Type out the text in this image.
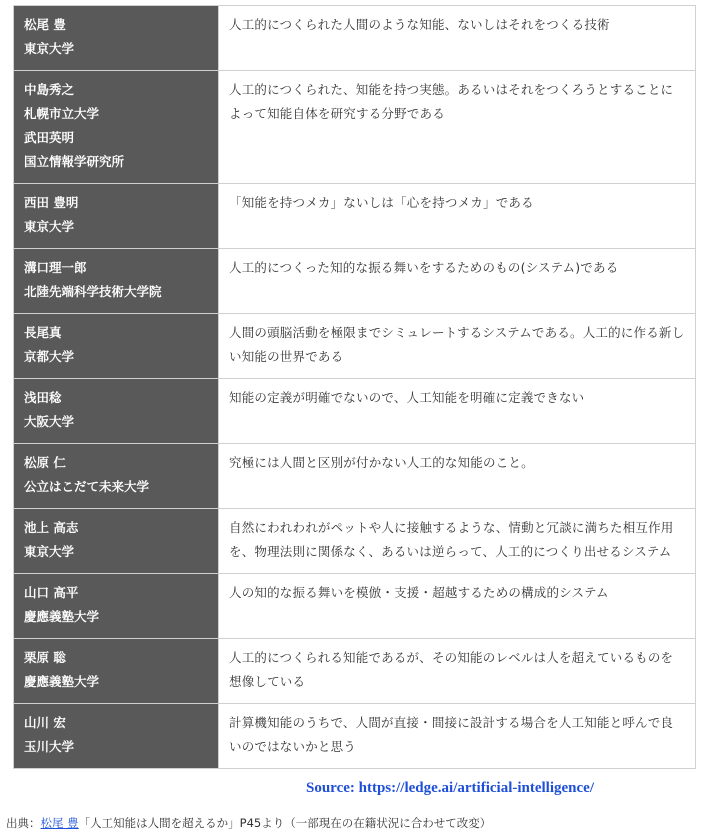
松尾 豊
東京大学	人工的につくられた人間のような知能、ないしはそれをつくる技術

中島秀之
札幌市立大学
武田英明
国立情報学研究所	人工的につくられた、知能を持つ実態。あるいはそれをつくろうとすることによって知能自体を研究する分野である

西田 豊明
東京大学	「知能を持つメカ」ないしは「心を持つメカ」である

溝口理一郎
北陸先端科学技術大学院	人工的につくった知的な振る舞いをするためのもの(システム)である

長尾真
京都大学	人間の頭脳活動を極限までシミュレートするシステムである。人工的に作る新しい知能の世界である

浅田稔
大阪大学	知能の定義が明確でないので、人工知能を明確に定義できない

松原 仁
公立はこだて未来大学	究極には人間と区別が付かない人工的な知能のこと。

池上 高志
東京大学	自然にわれわれがペットや人に接触するような、情動と冗談に満ちた相互作用を、物理法則に関係なく、あるいは逆らって、人工的につくり出せるシステム

山口 高平
慶應義塾大学	人の知的な振る舞いを模倣・支援・超越するための構成的システム

栗原 聡
慶應義塾大学	人工的につくられる知能であるが、その知能のレベルは人を超えているものを想像している

山川 宏
玉川大学	計算機知能のうちで、人間が直接・間接に設計する場合を人工知能と呼んで良いのではないかと思う
Source: https://ledge.ai/artificial-intelligence/
出典：松尾 豊「人工知能は人間を超えるか」P45より（一部現在の在籍状況に合わせて改変）
